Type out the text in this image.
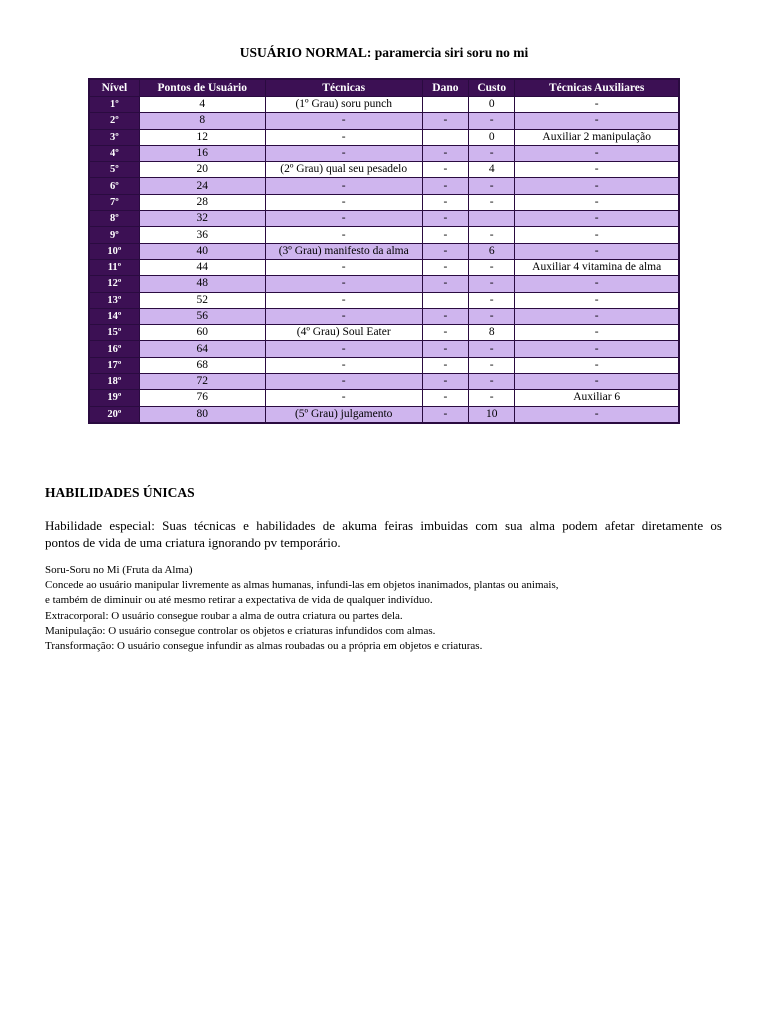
USUÁRIO NORMAL: paramercia siri soru no mi
Nível	Pontos de Usuário	Técnicas	Dano	Custo	Técnicas Auxiliares
1º	4	(1º Grau) soru punch		0	-
2º	8	-	-	-	-
3º	12	-		0	Auxiliar 2 manipulação
4º	16	-	-	-	-
5º	20	(2º Grau) qual seu pesadelo	-	4	-
6º	24	-	-	-	-
7º	28	-	-	-	-
8º	32	-	-		-
9º	36	-	-	-	-
10º	40	(3º Grau) manifesto da alma	-	6	-
11º	44	-	-	-	Auxiliar 4 vitamina de alma
12º	48	-	-	-	-
13º	52	-		-	-
14º	56	-	-	-	-
15º	60	(4º Grau) Soul Eater	-	8	-
16º	64	-	-	-	-
17º	68	-	-	-	-
18º	72	-	-	-	-
19º	76	-	-	-	Auxiliar 6
20º	80	(5º Grau) julgamento	-	10	-
HABILIDADES ÚNICAS
Habilidade especial: Suas técnicas e habilidades de akuma feiras imbuidas com sua alma podem afetar diretamente os
pontos de vida de uma criatura ignorando pv temporário.
Soru-Soru no Mi (Fruta da Alma)
Concede ao usuário manipular livremente as almas humanas, infundi-las em objetos inanimados, plantas ou animais,
e também de diminuir ou até mesmo retirar a expectativa de vida de qualquer indivíduo.
Extracorporal: O usuário consegue roubar a alma de outra criatura ou partes dela.
Manipulação: O usuário consegue controlar os objetos e criaturas infundidos com almas.
Transformação: O usuário consegue infundir as almas roubadas ou a própria em objetos e criaturas.
